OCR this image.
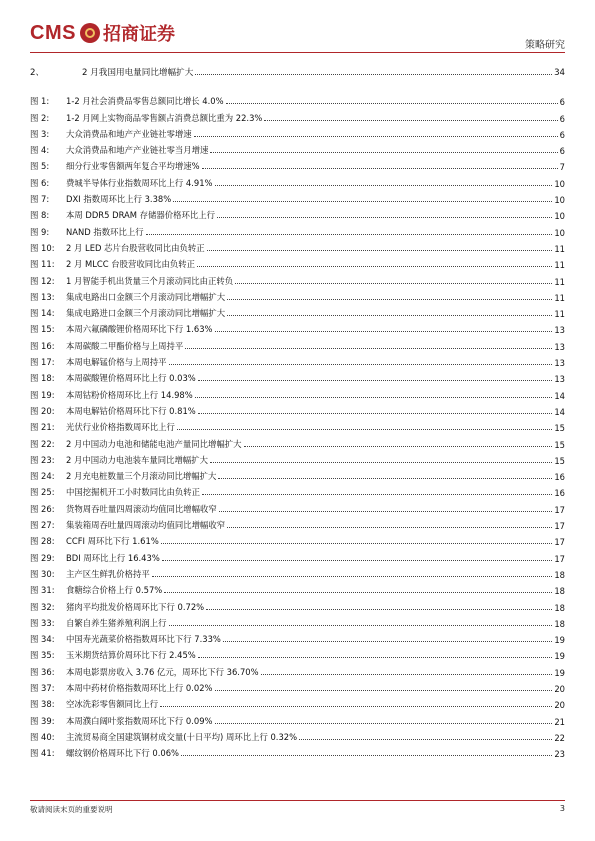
CMS 招商证券
策略研究
2、	2 月我国用电量同比增幅扩大	34
图 1:	1-2 月社会消费品零售总额同比增长 4.0%	6
图 2:	1-2 月网上实物商品零售额占消费总额比重为 22.3%	6
图 3:	大众消费品和地产产业链社零增速	6
图 4:	大众消费品和地产产业链社零当月增速	6
图 5:	细分行业零售额两年复合平均增速%	7
图 6:	费城半导体行业指数周环比上行 4.91%	10
图 7:	DXI 指数周环比上行 3.38%	10
图 8:	本周 DDR5 DRAM 存储器价格环比上行	10
图 9:	NAND 指数环比上行	10
图 10:	2 月 LED 芯片台股营收同比由负转正	11
图 11:	2 月 MLCC 台股营收同比由负转正	11
图 12:	1 月智能手机出货量三个月滚动同比由正转负	11
图 13:	集成电路出口金额三个月滚动同比增幅扩大	11
图 14:	集成电路进口金额三个月滚动同比增幅扩大	11
图 15:	本周六氟磷酸锂价格周环比下行 1.63%	13
图 16:	本周碳酸二甲酯价格与上周持平	13
图 17:	本周电解锰价格与上周持平	13
图 18:	本周碳酸锂价格周环比上行 0.03%	13
图 19:	本周钴粉价格周环比上行 14.98%	14
图 20:	本周电解钴价格周环比下行 0.81%	14
图 21:	光伏行业价格指数周环比上行	15
图 22:	2 月中国动力电池和储能电池产量同比增幅扩大	15
图 23:	2 月中国动力电池装车量同比增幅扩大	15
图 24:	2 月充电桩数量三个月滚动同比增幅扩大	16
图 25:	中国挖掘机开工小时数同比由负转正	16
图 26:	货物周吞吐量四周滚动均值同比增幅收窄	17
图 27:	集装箱周吞吐量四周滚动均值同比增幅收窄	17
图 28:	CCFI 周环比下行 1.61%	17
图 29:	BDI 周环比上行 16.43%	17
图 30:	主产区生鲜乳价格持平	18
图 31:	食糖综合价格上行 0.57%	18
图 32:	猪肉平均批发价格周环比下行 0.72%	18
图 33:	自繁自养生猪养殖利润上行	18
图 34:	中国寿光蔬菜价格指数周环比下行 7.33%	19
图 35:	玉米期货结算价周环比下行 2.45%	19
图 36:	本周电影票房收入 3.76 亿元，周环比下行 36.70%	19
图 37:	本周中药材价格指数周环比上行 0.02%	20
图 38:	空冰洗彩零售额同比上行	20
图 39:	本周濮白阔叶浆指数周环比下行 0.09%	21
图 40:	主流贸易商全国建筑钢材成交量(十日平均) 周环比上行 0.32%	22
图 41:	螺纹钢价格周环比下行 0.06%	23
敬请阅读末页的重要说明	3
